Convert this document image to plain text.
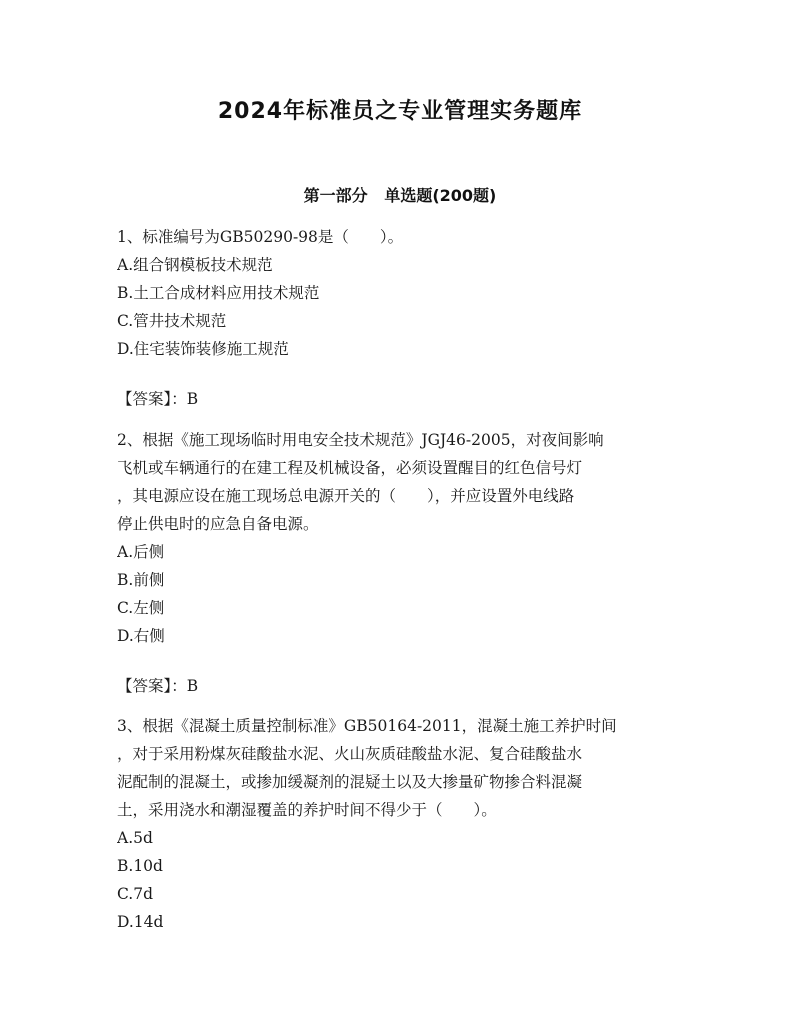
2024年标准员之专业管理实务题库
第一部分   单选题(200题)
1、标准编号为GB50290-98是（　　）。
A.组合钢模板技术规范
B.土工合成材料应用技术规范
C.管井技术规范
D.住宅装饰装修施工规范
【答案】：B
2、根据《施工现场临时用电安全技术规范》JGJ46-2005，对夜间影响
飞机或车辆通行的在建工程及机械设备，必须设置醒目的红色信号灯
，其电源应设在施工现场总电源开关的（　　），并应设置外电线路
停止供电时的应急自备电源。
A.后侧
B.前侧
C.左侧
D.右侧
【答案】：B
3、根据《混凝土质量控制标准》GB50164-2011，混凝土施工养护时间
，对于采用粉煤灰硅酸盐水泥、火山灰质硅酸盐水泥、复合硅酸盐水
泥配制的混凝土，或掺加缓凝剂的混疑土以及大掺量矿物掺合料混凝
土，采用浇水和潮湿覆盖的养护时间不得少于（　　）。
A.5d
B.10d
C.7d
D.14d
